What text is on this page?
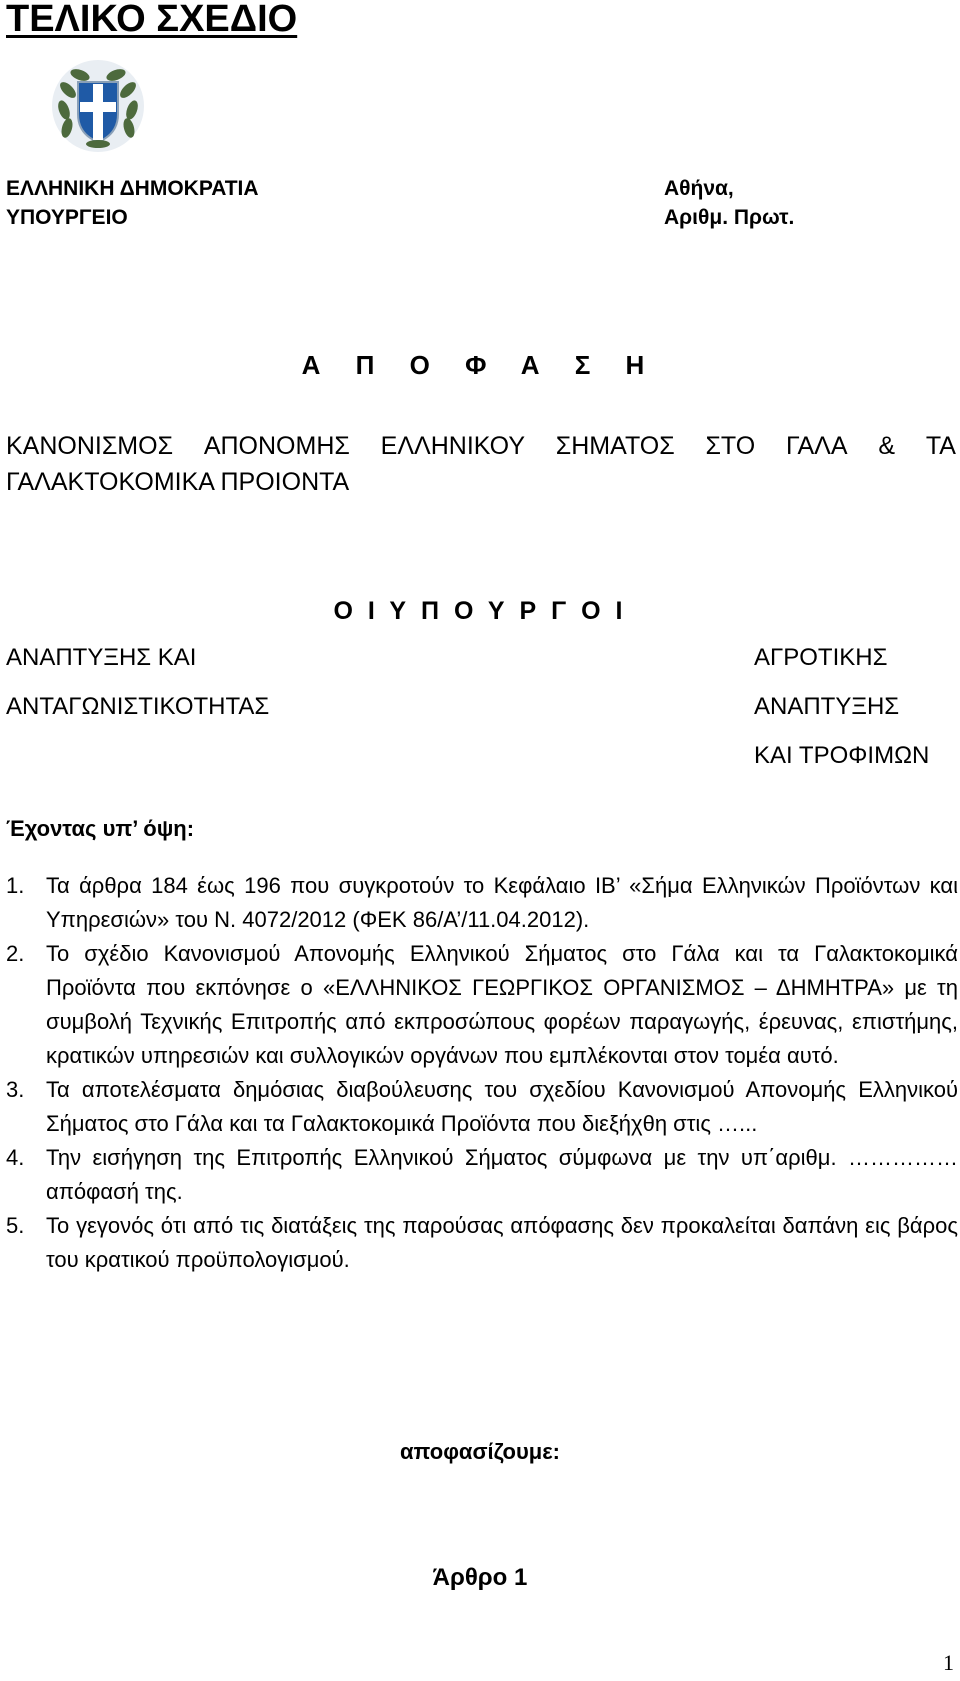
ΤΕΛΙΚΟ ΣΧΕΔΙΟ
ΕΛΛΗΝΙΚΗ ΔΗΜΟΚΡΑΤΙΑ
ΥΠΟΥΡΓΕΙΟ
Αθήνα,
Αριθμ. Πρωτ.
Α Π Ο Φ Α Σ Η
ΚΑΝΟΝΙΣΜΟΣ ΑΠΟΝΟΜΗΣ ΕΛΛΗΝΙΚΟΥ ΣΗΜΑΤΟΣ ΣΤΟ ΓΑΛΑ & ΤΑ
ΓΑΛΑΚΤΟΚΟΜΙΚΑ ΠΡΟΙΟΝΤΑ
Ο Ι Υ Π Ο Υ Ρ Γ Ο Ι
ΑΝΑΠΤΥΞΗΣ ΚΑΙ
ΑΝΤΑΓΩΝΙΣΤΙΚΟΤΗΤΑΣ
ΑΓΡΟΤΙΚΗΣ
ΑΝΑΠΤΥΞΗΣ
ΚΑΙ ΤΡΟΦΙΜΩΝ
Έχοντας υπ’ όψη:
1. Τα άρθρα 184 έως 196 που συγκροτούν το Κεφάλαιο ΙΒ’ «Σήμα Ελληνικών Προϊόντων και Υπηρεσιών» του Ν. 4072/2012 (ΦΕΚ 86/Α’/11.04.2012).
2. Το σχέδιο Κανονισμού Απονομής Ελληνικού Σήματος στο Γάλα και τα Γαλακτοκομικά Προϊόντα που εκπόνησε ο «ΕΛΛΗΝΙΚΟΣ ΓΕΩΡΓΙΚΟΣ ΟΡΓΑΝΙΣΜΟΣ – ΔΗΜΗΤΡΑ» με τη συμβολή Τεχνικής Επιτροπής από εκπροσώπους φορέων παραγωγής, έρευνας, επιστήμης, κρατικών υπηρεσιών και συλλογικών οργάνων που εμπλέκονται στον τομέα αυτό.
3. Τα αποτελέσματα δημόσιας διαβούλευσης του σχεδίου Κανονισμού Απονομής Ελληνικού Σήματος στο Γάλα και τα Γαλακτοκομικά Προϊόντα που διεξήχθη στις …...
4. Την εισήγηση της Επιτροπής Ελληνικού Σήματος σύμφωνα με την υπ΄αριθμ. ……………απόφασή της.
5. Το γεγονός ότι από τις διατάξεις της παρούσας απόφασης δεν προκαλείται δαπάνη εις βάρος του κρατικού προϋπολογισμού.
αποφασίζουμε:
Άρθρο 1
1
